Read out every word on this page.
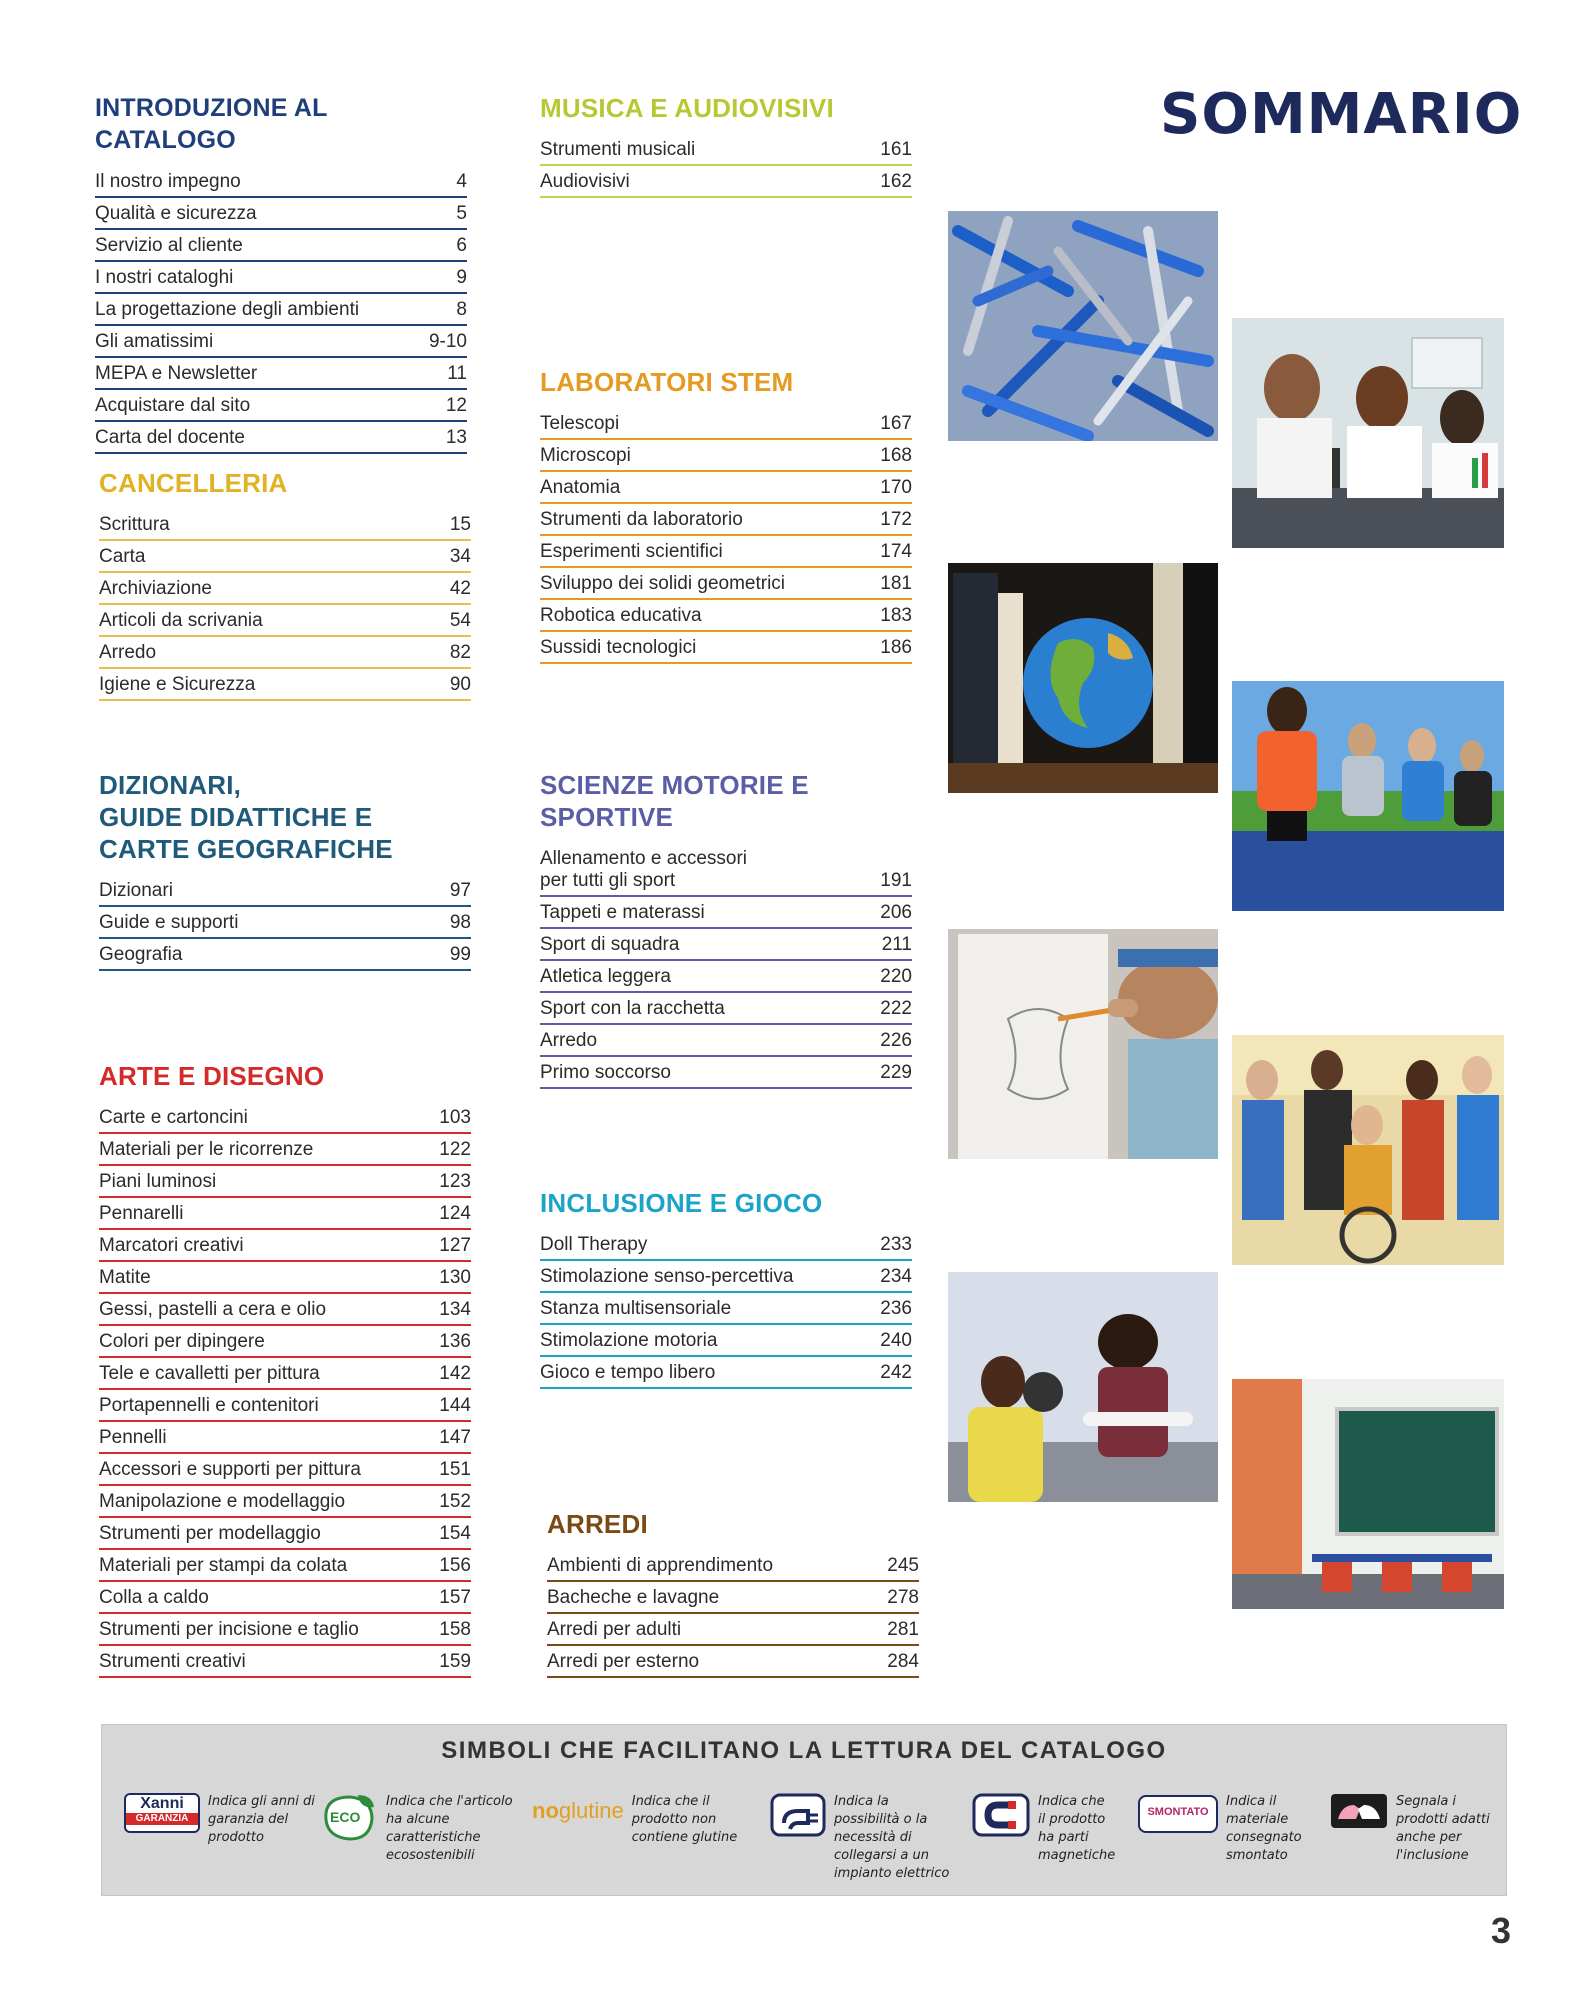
SOMMARIO
INTRODUZIONE AL CATALOGO
Il nostro impegno	4
Qualità e sicurezza	5
Servizio al cliente	6
I nostri cataloghi	9
La progettazione degli ambienti	8
Gli amatissimi	9-10
MEPA e Newsletter	11
Acquistare dal sito	12
Carta del docente	13
CANCELLERIA
Scrittura	15
Carta	34
Archiviazione	42
Articoli da scrivania	54
Arredo	82
Igiene e Sicurezza	90
DIZIONARI,
GUIDE DIDATTICHE E
CARTE GEOGRAFICHE
Dizionari	97
Guide e supporti	98
Geografia	99
ARTE E DISEGNO
Carte e cartoncini	103
Materiali per le ricorrenze	122
Piani luminosi	123
Pennarelli	124
Marcatori creativi	127
Matite	130
Gessi, pastelli a cera e olio	134
Colori per dipingere	136
Tele e cavalletti per pittura	142
Portapennelli e contenitori	144
Pennelli	147
Accessori e supporti per pittura	151
Manipolazione e modellaggio	152
Strumenti per modellaggio	154
Materiali per stampi da colata	156
Colla a caldo	157
Strumenti per incisione e taglio	158
Strumenti creativi	159
MUSICA E AUDIOVISIVI
Strumenti musicali	161
Audiovisivi	162
LABORATORI STEM
Telescopi	167
Microscopi	168
Anatomia	170
Strumenti da laboratorio	172
Esperimenti scientifici	174
Sviluppo dei solidi geometrici	181
Robotica educativa	183
Sussidi tecnologici	186
SCIENZE MOTORIE E
SPORTIVE
Allenamento e accessori
per tutti gli sport	191
Tappeti e materassi	206
Sport di squadra	211
Atletica leggera	220
Sport con la racchetta	222
Arredo	226
Primo soccorso	229
INCLUSIONE E GIOCO
Doll Therapy	233
Stimolazione senso-percettiva	234
Stanza multisensoriale	236
Stimolazione motoria	240
Gioco e tempo libero	242
ARREDI
Ambienti di apprendimento	245
Bacheche e lavagne	278
Arredi per adulti	281
Arredi per esterno	284
SIMBOLI CHE FACILITANO LA LETTURA DEL CATALOGO
Xanni
GARANZIA
Indica gli anni di
garanzia del
prodotto
ECO
Indica che l'articolo
ha alcune
caratteristiche
ecosostenibili
noglutine Indica che il
prodotto non
contiene glutine
Indica la
possibilità o la
necessità di
collegarsi a un
impianto elettrico
Indica che
il prodotto
ha parti
magnetiche
SMONTATO
Indica il
materiale
consegnato
smontato
Segnala i
prodotti adatti
anche per
l'inclusione
3
